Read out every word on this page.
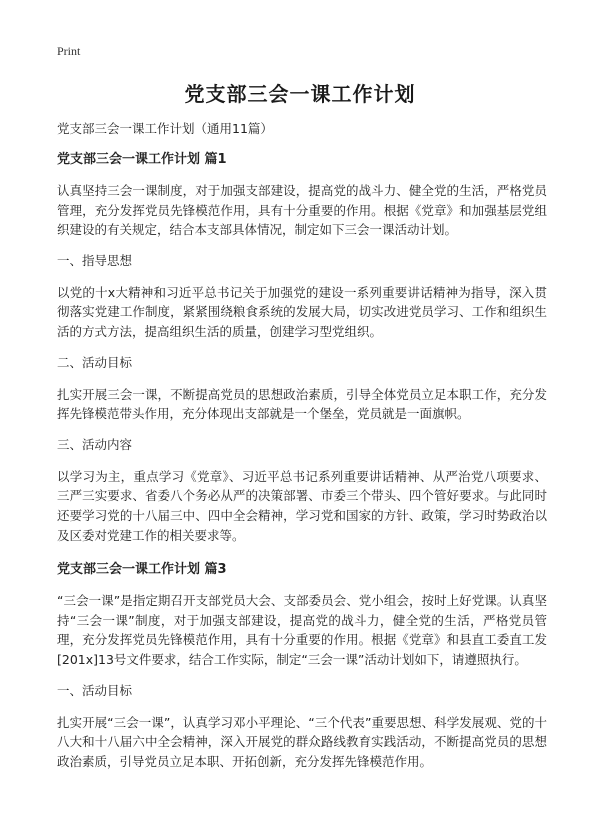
Print
党支部三会一课工作计划
党支部三会一课工作计划（通用11篇）
党支部三会一课工作计划 篇1
认真坚持三会一课制度，对于加强支部建设，提高党的战斗力、健全党的生活，严格党员管理，充分发挥党员先锋模范作用，具有十分重要的作用。根据《党章》和加强基层党组织建设的有关规定，结合本支部具体情况，制定如下三会一课活动计划。
一、指导思想
以党的十x大精神和习近平总书记关于加强党的建设一系列重要讲话精神为指导，深入贯彻落实党建工作制度，紧紧围绕粮食系统的发展大局，切实改进党员学习、工作和组织生活的方式方法，提高组织生活的质量，创建学习型党组织。
二、活动目标
扎实开展三会一课，不断提高党员的思想政治素质，引导全体党员立足本职工作，充分发挥先锋模范带头作用，充分体现出支部就是一个堡垒，党员就是一面旗帜。
三、活动内容
以学习为主，重点学习《党章》、习近平总书记系列重要讲话精神、从严治党八项要求、三严三实要求、省委八个务必从严的决策部署、市委三个带头、四个管好要求。与此同时还要学习党的十八届三中、四中全会精神，学习党和国家的方针、政策，学习时势政治以及区委对党建工作的相关要求等。
党支部三会一课工作计划 篇3
“三会一课”是指定期召开支部党员大会、支部委员会、党小组会，按时上好党课。认真坚持“三会一课”制度，对于加强支部建设，提高党的战斗力，健全党的生活，严格党员管理，充分发挥党员先锋模范作用，具有十分重要的作用。根据《党章》和县直工委直工发[201x]13号文件要求，结合工作实际，制定“三会一课”活动计划如下，请遵照执行。
一、活动目标
扎实开展“三会一课”，认真学习邓小平理论、“三个代表”重要思想、科学发展观、党的十八大和十八届六中全会精神，深入开展党的群众路线教育实践活动，不断提高党员的思想政治素质，引导党员立足本职、开拓创新，充分发挥先锋模范作用。
